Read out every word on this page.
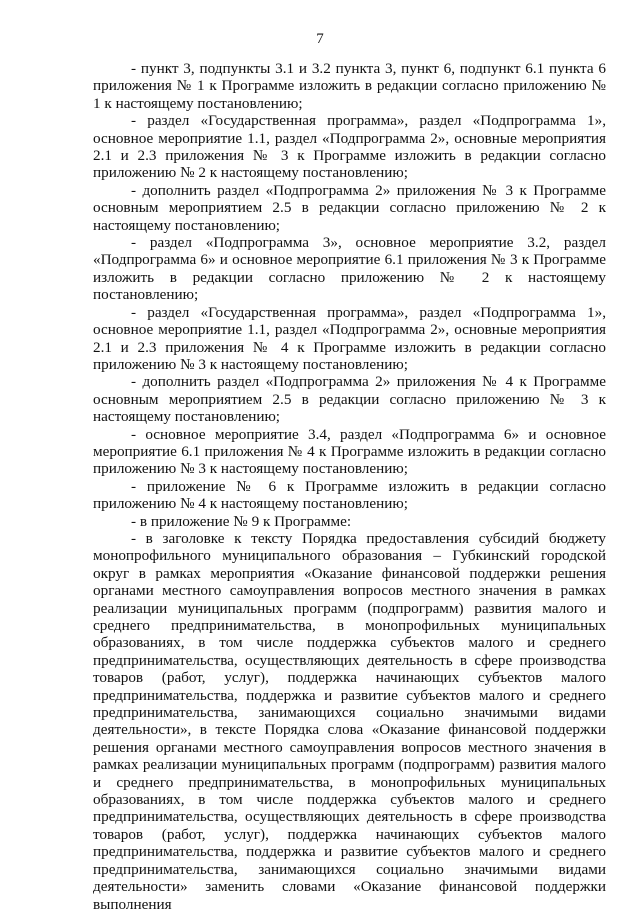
7

- пункт 3, подпункты 3.1 и 3.2 пункта 3, пункт 6, подпункт 6.1 пункта 6 приложения № 1 к Программе изложить в редакции согласно приложению № 1 к настоящему постановлению;

- раздел «Государственная программа», раздел «Подпрограмма 1», основное мероприятие 1.1, раздел «Подпрограмма 2», основные мероприятия 2.1 и 2.3 приложения № 3 к Программе изложить в редакции согласно приложению № 2 к настоящему постановлению;

- дополнить раздел «Подпрограмма 2» приложения № 3 к Программе основным мероприятием 2.5 в редакции согласно приложению № 2 к настоящему постановлению;

- раздел «Подпрограмма 3», основное мероприятие 3.2, раздел «Подпрограмма 6» и основное мероприятие 6.1 приложения № 3 к Программе изложить в редакции согласно приложению № 2 к настоящему постановлению;

- раздел «Государственная программа», раздел «Подпрограмма 1», основное мероприятие 1.1, раздел «Подпрограмма 2», основные мероприятия 2.1 и 2.3 приложения № 4 к Программе изложить в редакции согласно приложению № 3 к настоящему постановлению;

- дополнить раздел «Подпрограмма 2» приложения № 4 к Программе основным мероприятием 2.5 в редакции согласно приложению № 3 к настоящему постановлению;

- основное мероприятие 3.4, раздел «Подпрограмма 6» и основное мероприятие 6.1 приложения № 4 к Программе изложить в редакции согласно приложению № 3 к настоящему постановлению;

- приложение № 6 к Программе изложить в редакции согласно приложению № 4 к настоящему постановлению;

- в приложение № 9 к Программе:

- в заголовке к тексту Порядка предоставления субсидий бюджету монопрофильного муниципального образования – Губкинский городской округ в рамках мероприятия «Оказание финансовой поддержки решения органами местного самоуправления вопросов местного значения в рамках реализации муниципальных программ (подпрограмм) развития малого и среднего предпринимательства, в монопрофильных муниципальных образованиях, в том числе поддержка субъектов малого и среднего предпринимательства, осуществляющих деятельность в сфере производства товаров (работ, услуг), поддержка начинающих субъектов малого предпринимательства, поддержка и развитие субъектов малого и среднего предпринимательства, занимающихся социально значимыми видами деятельности», в тексте Порядка слова «Оказание финансовой поддержки решения органами местного самоуправления вопросов местного значения в рамках реализации муниципальных программ (подпрограмм) развития малого и среднего предпринимательства, в монопрофильных муниципальных образованиях, в том числе поддержка субъектов малого и среднего предпринимательства, осуществляющих деятельность в сфере производства товаров (работ, услуг), поддержка начинающих субъектов малого предпринимательства, поддержка и развитие субъектов малого и среднего предпринимательства, занимающихся социально значимыми видами деятельности» заменить словами «Оказание финансовой поддержки выполнения
